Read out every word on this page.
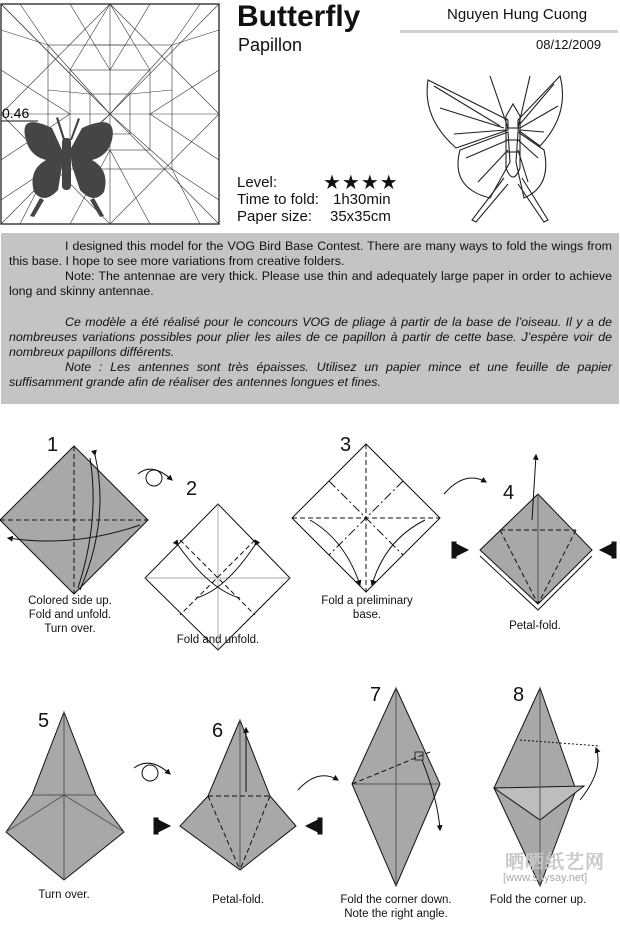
Butterfly
Papillon
Nguyen Hung Cuong
08/12/2009
0.46
Level: ★★★★
Time to fold: 1h30min
Paper size: 35x35cm

I designed this model for the VOG Bird Base Contest. There are many ways to fold the wings from this base. I hope to see more variations from creative folders.

Note: The antennae are very thick. Please use thin and adequately large paper in order to achieve long and skinny antennae.

Ce modèle a été réalisé pour le concours VOG de pliage à partir de la base de l’oiseau. Il y a de nombreuses variations possibles pour plier les ailes de ce papillon à partir de cette base. J’espère voir de nombreux papillons différents.

Note : Les antennes sont très épaisses. Utilisez un papier mince et une feuille de papier suffisamment grande afin de réaliser des antennes longues et fines.

1
2
3
4
5	6
7	8
Colored side up.
Fold and unfold.
Turn over.
Fold and unfold.
Fold a preliminary
base.
Petal-fold.
Turn over.	Petal-fold.	Fold the corner down.
Note the right angle.
Fold the corner up.
晒晒纸艺网
[www.saysay.net]
